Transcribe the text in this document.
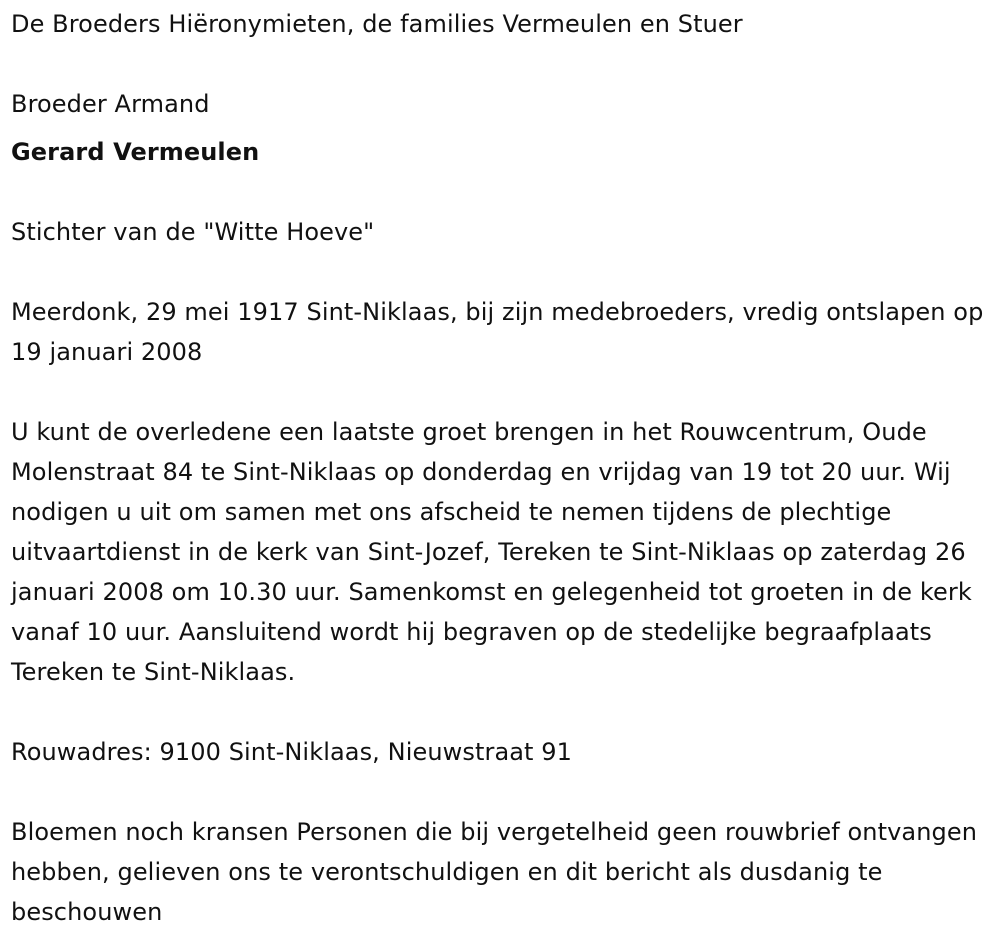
De Broeders Hiëronymieten, de families Vermeulen en Stuer

Broeder Armand

Gerard Vermeulen

Stichter van de "Witte Hoeve"

Meerdonk, 29 mei 1917 Sint-Niklaas, bij zijn medebroeders, vredig ontslapen op 19 januari 2008

U kunt de overledene een laatste groet brengen in het Rouwcentrum, Oude Molenstraat 84 te Sint-Niklaas op donderdag en vrijdag van 19 tot 20 uur. Wij nodigen u uit om samen met ons afscheid te nemen tijdens de plechtige uitvaartdienst in de kerk van Sint-Jozef, Tereken te Sint-Niklaas op zaterdag 26 januari 2008 om 10.30 uur. Samenkomst en gelegenheid tot groeten in de kerk vanaf 10 uur. Aansluitend wordt hij begraven op de stedelijke begraafplaats Tereken te Sint-Niklaas.

Rouwadres: 9100 Sint-Niklaas, Nieuwstraat 91

Bloemen noch kransen Personen die bij vergetelheid geen rouwbrief ontvangen hebben, gelieven ons te verontschuldigen en dit bericht als dusdanig te beschouwen
